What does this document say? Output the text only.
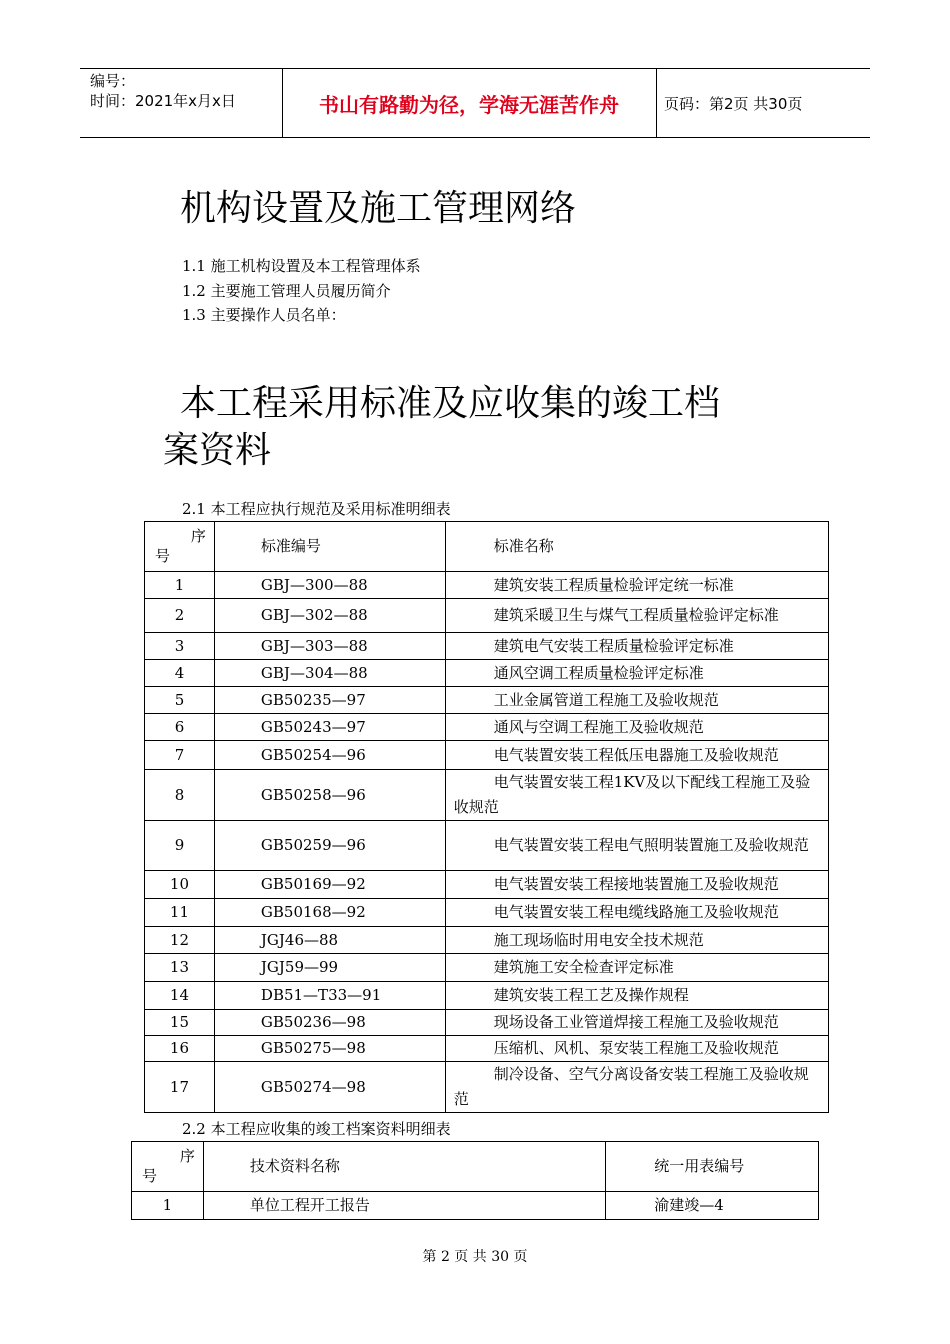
编号：
时间：2021年x月x日	书山有路勤为径，学海无涯苦作舟	页码：第2页 共30页
机构设置及施工管理网络
1.1 施工机构设置及本工程管理体系
1.2 主要施工管理人员履历简介
1.3 主要操作人员名单：
本工程采用标准及应收集的竣工档
案资料
2.1 本工程应执行规范及采用标准明细表
序
号	标准编号	标准名称
1	GBJ—300—88	建筑安装工程质量检验评定统一标准
2	GBJ—302—88	建筑采暖卫生与煤气工程质量检验评定标准
3	GBJ—303—88	建筑电气安装工程质量检验评定标准
4	GBJ—304—88	通风空调工程质量检验评定标准
5	GB50235—97	工业金属管道工程施工及验收规范
6	GB50243—97	通风与空调工程施工及验收规范
7	GB50254—96	电气装置安装工程低压电器施工及验收规范
8	GB50258—96	电气装置安装工程1KV及以下配线工程施工及验收规范
9	GB50259—96	电气装置安装工程电气照明装置施工及验收规范
10	GB50169—92	电气装置安装工程接地装置施工及验收规范
11	GB50168—92	电气装置安装工程电缆线路施工及验收规范
12	JGJ46—88	施工现场临时用电安全技术规范
13	JGJ59—99	建筑施工安全检查评定标准
14	DB51—T33—91	建筑安装工程工艺及操作规程
15	GB50236—98	现场设备工业管道焊接工程施工及验收规范
16	GB50275—98	压缩机、风机、泵安装工程施工及验收规范
17	GB50274—98	制冷设备、空气分离设备安装工程施工及验收规范
2.2 本工程应收集的竣工档案资料明细表
序
号	技术资料名称	统一用表编号
1	单位工程开工报告	渝建竣—4
第 2 页 共 30 页
